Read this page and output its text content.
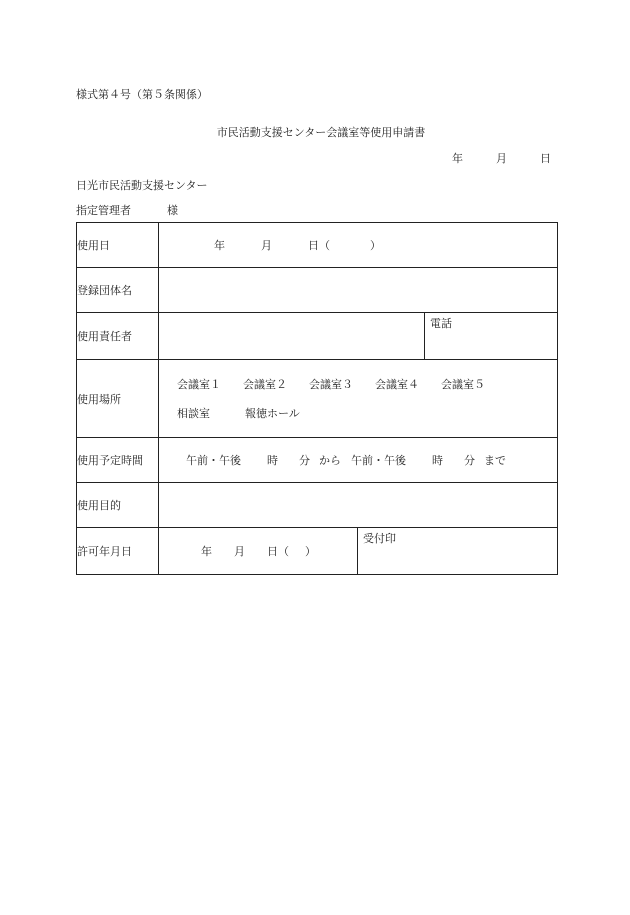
様式第４号（第５条関係）
市民活動支援センター会議室等使用申請書
年	月	日
日光市民活動支援センター
指定管理者	様
使用日	年 月 日（ ）		
登録団体名			
使用責任者			電話
使用場所	会議室１ 会議室２ 会議室３ 会議室４ 会議室５
相談室 報徳ホール		

使用予定時間	午前・午後 時 分 から 午前・午後 時 分 まで		
使用目的			
許可年月日	年 月 日（ ）	受付印	
